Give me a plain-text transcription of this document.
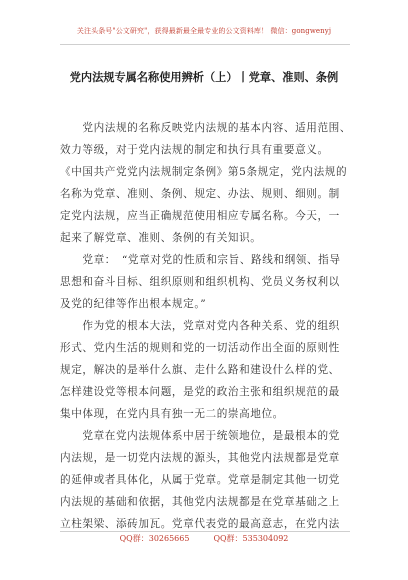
关注头条号"公文研究"，获得最新最全最专业的公文资料库！ 微信：gongwenyj
党内法规专属名称使用辨析（上）丨党章、准则、条例
　　党内法规的名称反映党内法规的基本内容、适用范围、
效力等级，对于党内法规的制定和执行具有重要意义。
《中国共产党党内法规制定条例》第5条规定，党内法规的
名称为党章、准则、条例、规定、办法、规则、细则。制
定党内法规，应当正确规范使用相应专属名称。今天，一
起来了解党章、准则、条例的有关知识。
　　党章：　“党章对党的性质和宗旨、路线和纲领、指导
思想和奋斗目标、组织原则和组织机构、党员义务权利以
及党的纪律等作出根本规定。”
　　作为党的根本大法，党章对党内各种关系、党的组织
形式、党内生活的规则和党的一切活动作出全面的原则性
规定，解决的是举什么旗、走什么路和建设什么样的党、
怎样建设党等根本问题，是党的政治主张和组织规范的最
集中体现，在党内具有独一无二的崇高地位。
　　党章在党内法规体系中居于统领地位，是最根本的党
内法规，是一切党内法规的源头，其他党内法规都是党章
的延伸或者具体化，从属于党章。党章是制定其他一切党
内法规的基础和依据，其他党内法规都是在党章基础之上
立柱架梁、添砖加瓦。党章代表党的最高意志，在党内法
QQ群：30265665　　　QQ群：535304092
